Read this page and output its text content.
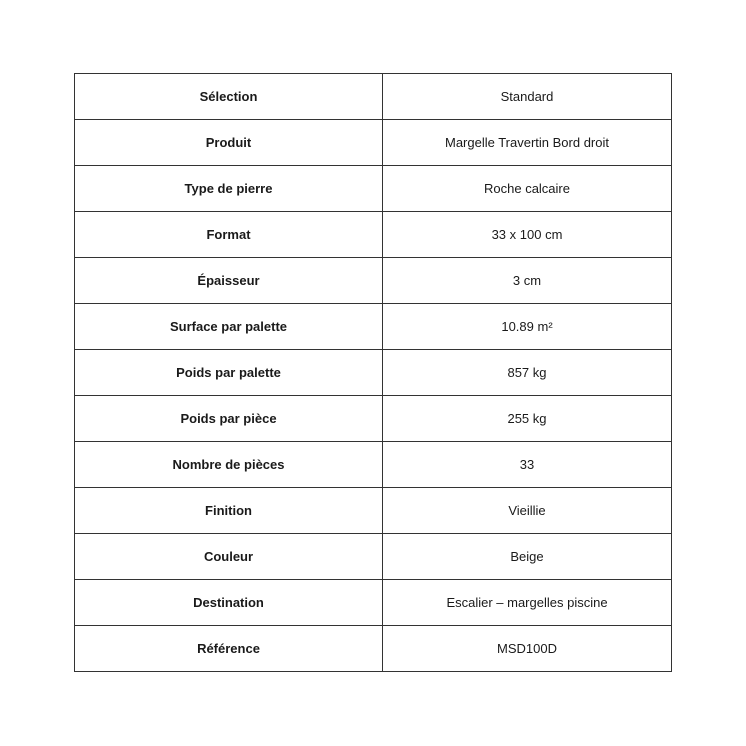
Sélection	Standard
Produit	Margelle Travertin Bord droit
Type de pierre	Roche calcaire
Format	33 x 100 cm
Épaisseur	3 cm
Surface par palette	10.89 m²
Poids par palette	857 kg
Poids par pièce	255 kg
Nombre de pièces	33
Finition	Vieillie
Couleur	Beige
Destination	Escalier – margelles piscine
Référence	MSD100D
